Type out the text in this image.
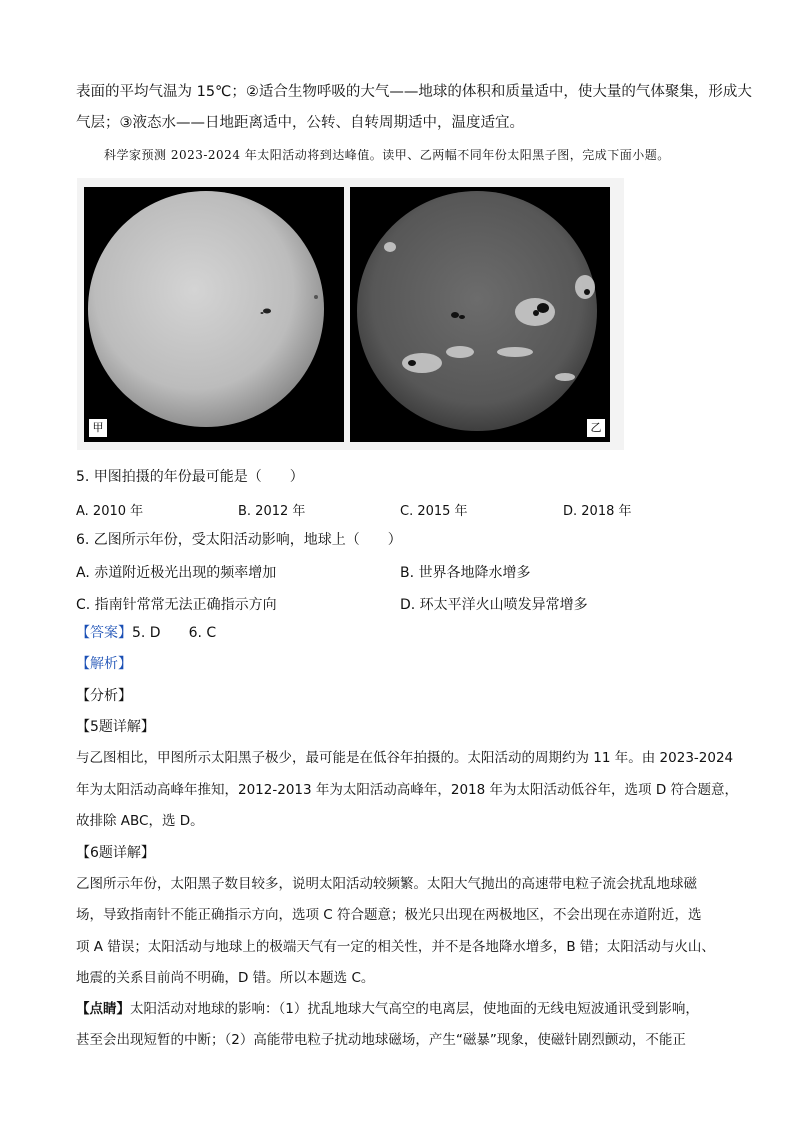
表面的平均气温为 15℃；②适合生物呼吸的大气——地球的体积和质量适中，使大量的气体聚集，形成大
气层；③液态水——日地距离适中，公转、自转周期适中，温度适宜。
科学家预测 2023-2024 年太阳活动将到达峰值。读甲、乙两幅不同年份太阳黑子图，完成下面小题。
甲	乙
5. 甲图拍摄的年份最可能是（　　）
A. 2010 年	B. 2012 年	C. 2015 年	D. 2018 年
6. 乙图所示年份，受太阳活动影响，地球上（　　）
A. 赤道附近极光出现的频率增加	B. 世界各地降水增多
C. 指南针常常无法正确指示方向	D. 环太平洋火山喷发异常增多
【答案】5. D　　6. C
【解析】
【分析】
【5题详解】
与乙图相比，甲图所示太阳黑子极少，最可能是在低谷年拍摄的。太阳活动的周期约为 11 年。由 2023-2024
年为太阳活动高峰年推知，2012-2013 年为太阳活动高峰年，2018 年为太阳活动低谷年，选项 D 符合题意，
故排除 ABC，选 D。
【6题详解】
乙图所示年份，太阳黑子数目较多，说明太阳活动较频繁。太阳大气抛出的高速带电粒子流会扰乱地球磁
场，导致指南针不能正确指示方向，选项 C 符合题意；极光只出现在两极地区，不会出现在赤道附近，选
项 A 错误；太阳活动与地球上的极端天气有一定的相关性，并不是各地降水增多，B 错；太阳活动与火山、
地震的关系目前尚不明确，D 错。所以本题选 C。
【点睛】太阳活动对地球的影响：（1）扰乱地球大气高空的电离层，使地面的无线电短波通讯受到影响，
甚至会出现短暂的中断；（2）高能带电粒子扰动地球磁场，产生“磁暴”现象，使磁针剧烈颤动，不能正
